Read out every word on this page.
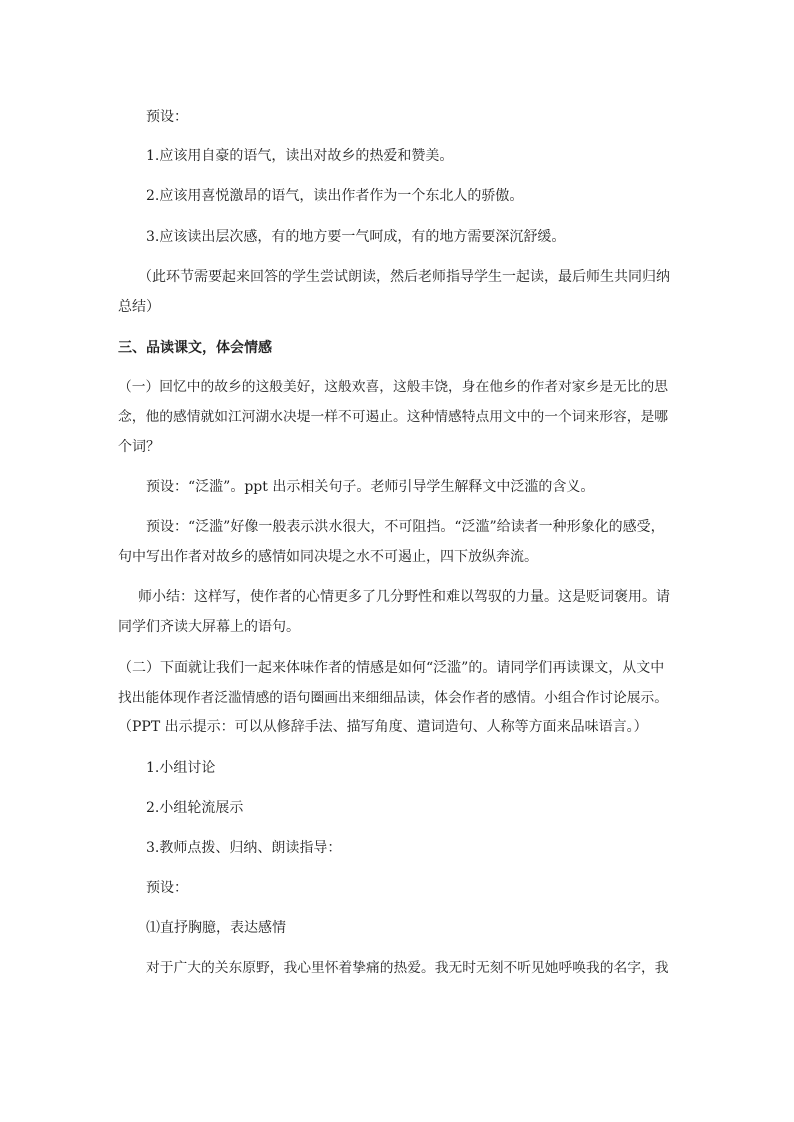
预设：
1.应该用自豪的语气，读出对故乡的热爱和赞美。
2.应该用喜悦激昂的语气，读出作者作为一个东北人的骄傲。
3.应该读出层次感，有的地方要一气呵成，有的地方需要深沉舒缓。
（此环节需要起来回答的学生尝试朗读，然后老师指导学生一起读，最后师生共同归纳
总结）
三、品读课文，体会情感
（一）回忆中的故乡的这般美好，这般欢喜，这般丰饶，身在他乡的作者对家乡是无比的思
念，他的感情就如江河湖水决堤一样不可遏止。这种情感特点用文中的一个词来形容，是哪
个词？
预设：“泛滥”。ppt 出示相关句子。老师引导学生解释文中泛滥的含义。
预设：“泛滥”好像一般表示洪水很大，不可阻挡。“泛滥”给读者一种形象化的感受，
句中写出作者对故乡的感情如同决堤之水不可遏止，四下放纵奔流。
师小结：这样写，使作者的心情更多了几分野性和难以驾驭的力量。这是贬词褒用。请
同学们齐读大屏幕上的语句。
（二）下面就让我们一起来体味作者的情感是如何“泛滥”的。请同学们再读课文，从文中
找出能体现作者泛滥情感的语句圈画出来细细品读，体会作者的感情。小组合作讨论展示。
（PPT 出示提示：可以从修辞手法、描写角度、遣词造句、人称等方面来品味语言。）
1.小组讨论
2.小组轮流展示
3.教师点拨、归纳、朗读指导：
预设：
⑴直抒胸臆，表达感情
对于广大的关东原野，我心里怀着挚痛的热爱。我无时无刻不听见她呼唤我的名字，我
